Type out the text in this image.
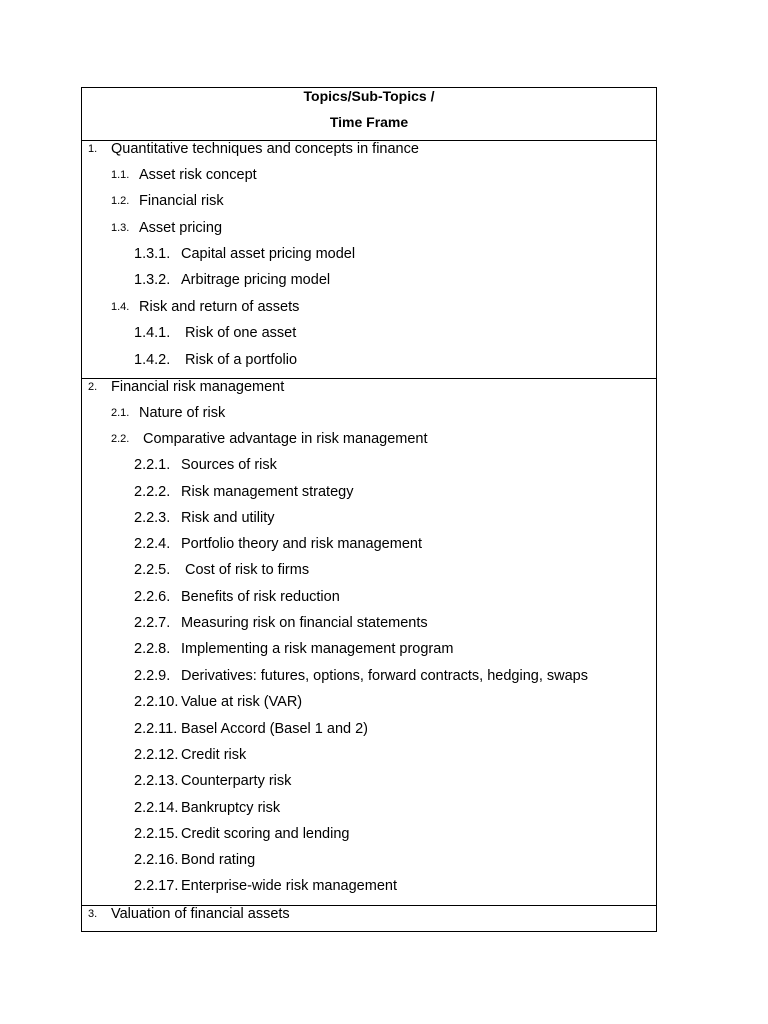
Topics/Sub-Topics /
Time Frame
1. Quantitative techniques and concepts in finance
1.1. Asset risk concept
1.2. Financial risk
1.3. Asset pricing
1.3.1. Capital asset pricing model
1.3.2. Arbitrage pricing model
1.4. Risk and return of assets
1.4.1. Risk of one asset
1.4.2. Risk of a portfolio
2. Financial risk management
2.1. Nature of risk
2.2. Comparative advantage in risk management
2.2.1. Sources of risk
2.2.2. Risk management strategy
2.2.3. Risk and utility
2.2.4. Portfolio theory and risk management
2.2.5. Cost of risk to firms
2.2.6. Benefits of risk reduction
2.2.7. Measuring risk on financial statements
2.2.8. Implementing a risk management program
2.2.9. Derivatives: futures, options, forward contracts, hedging, swaps
2.2.10. Value at risk (VAR)
2.2.11. Basel Accord (Basel 1 and 2)
2.2.12. Credit risk
2.2.13. Counterparty risk
2.2.14. Bankruptcy risk
2.2.15. Credit scoring and lending
2.2.16. Bond rating
2.2.17. Enterprise-wide risk management
3. Valuation of financial assets
